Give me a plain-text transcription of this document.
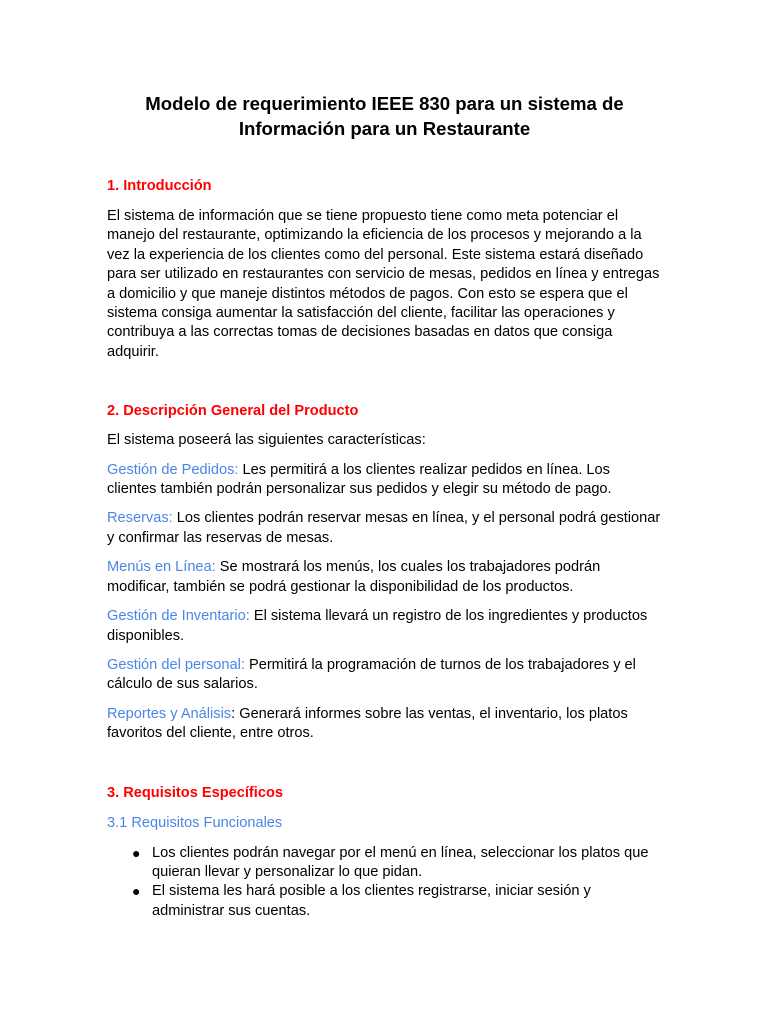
Modelo de requerimiento IEEE 830 para un sistema de Información para un Restaurante
1. Introducción

El sistema de información que se tiene propuesto tiene como meta potenciar el manejo del restaurante, optimizando la eficiencia de los procesos y mejorando a la vez la experiencia de los clientes como del personal. Este sistema estará diseñado para ser utilizado en restaurantes con servicio de mesas, pedidos en línea y entregas a domicilio y que maneje distintos métodos de pagos. Con esto se espera que el sistema consiga aumentar la satisfacción del cliente, facilitar las operaciones y contribuya a las correctas tomas de decisiones basadas en datos que consiga adquirir.

2. Descripción General del Producto

El sistema poseerá las siguientes características:

Gestión de Pedidos: Les permitirá a los clientes realizar pedidos en línea. Los clientes también podrán personalizar sus pedidos y elegir su método de pago.

Reservas: Los clientes podrán reservar mesas en línea, y el personal podrá gestionar y confirmar las reservas de mesas.

Menús en Línea: Se mostrará los menús, los cuales los trabajadores podrán modificar, también se podrá gestionar la disponibilidad de los productos.

Gestión de Inventario: El sistema llevará un registro de los ingredientes y productos disponibles.

Gestión del personal: Permitirá la programación de turnos de los trabajadores y el cálculo de sus salarios.

Reportes y Análisis: Generará informes sobre las ventas, el inventario, los platos favoritos del cliente, entre otros.

3. Requisitos Específicos
3.1 Requisitos Funcionales
● Los clientes podrán navegar por el menú en línea, seleccionar los platos que quieran llevar y personalizar lo que pidan.
● El sistema les hará posible a los clientes registrarse, iniciar sesión y administrar sus cuentas.
